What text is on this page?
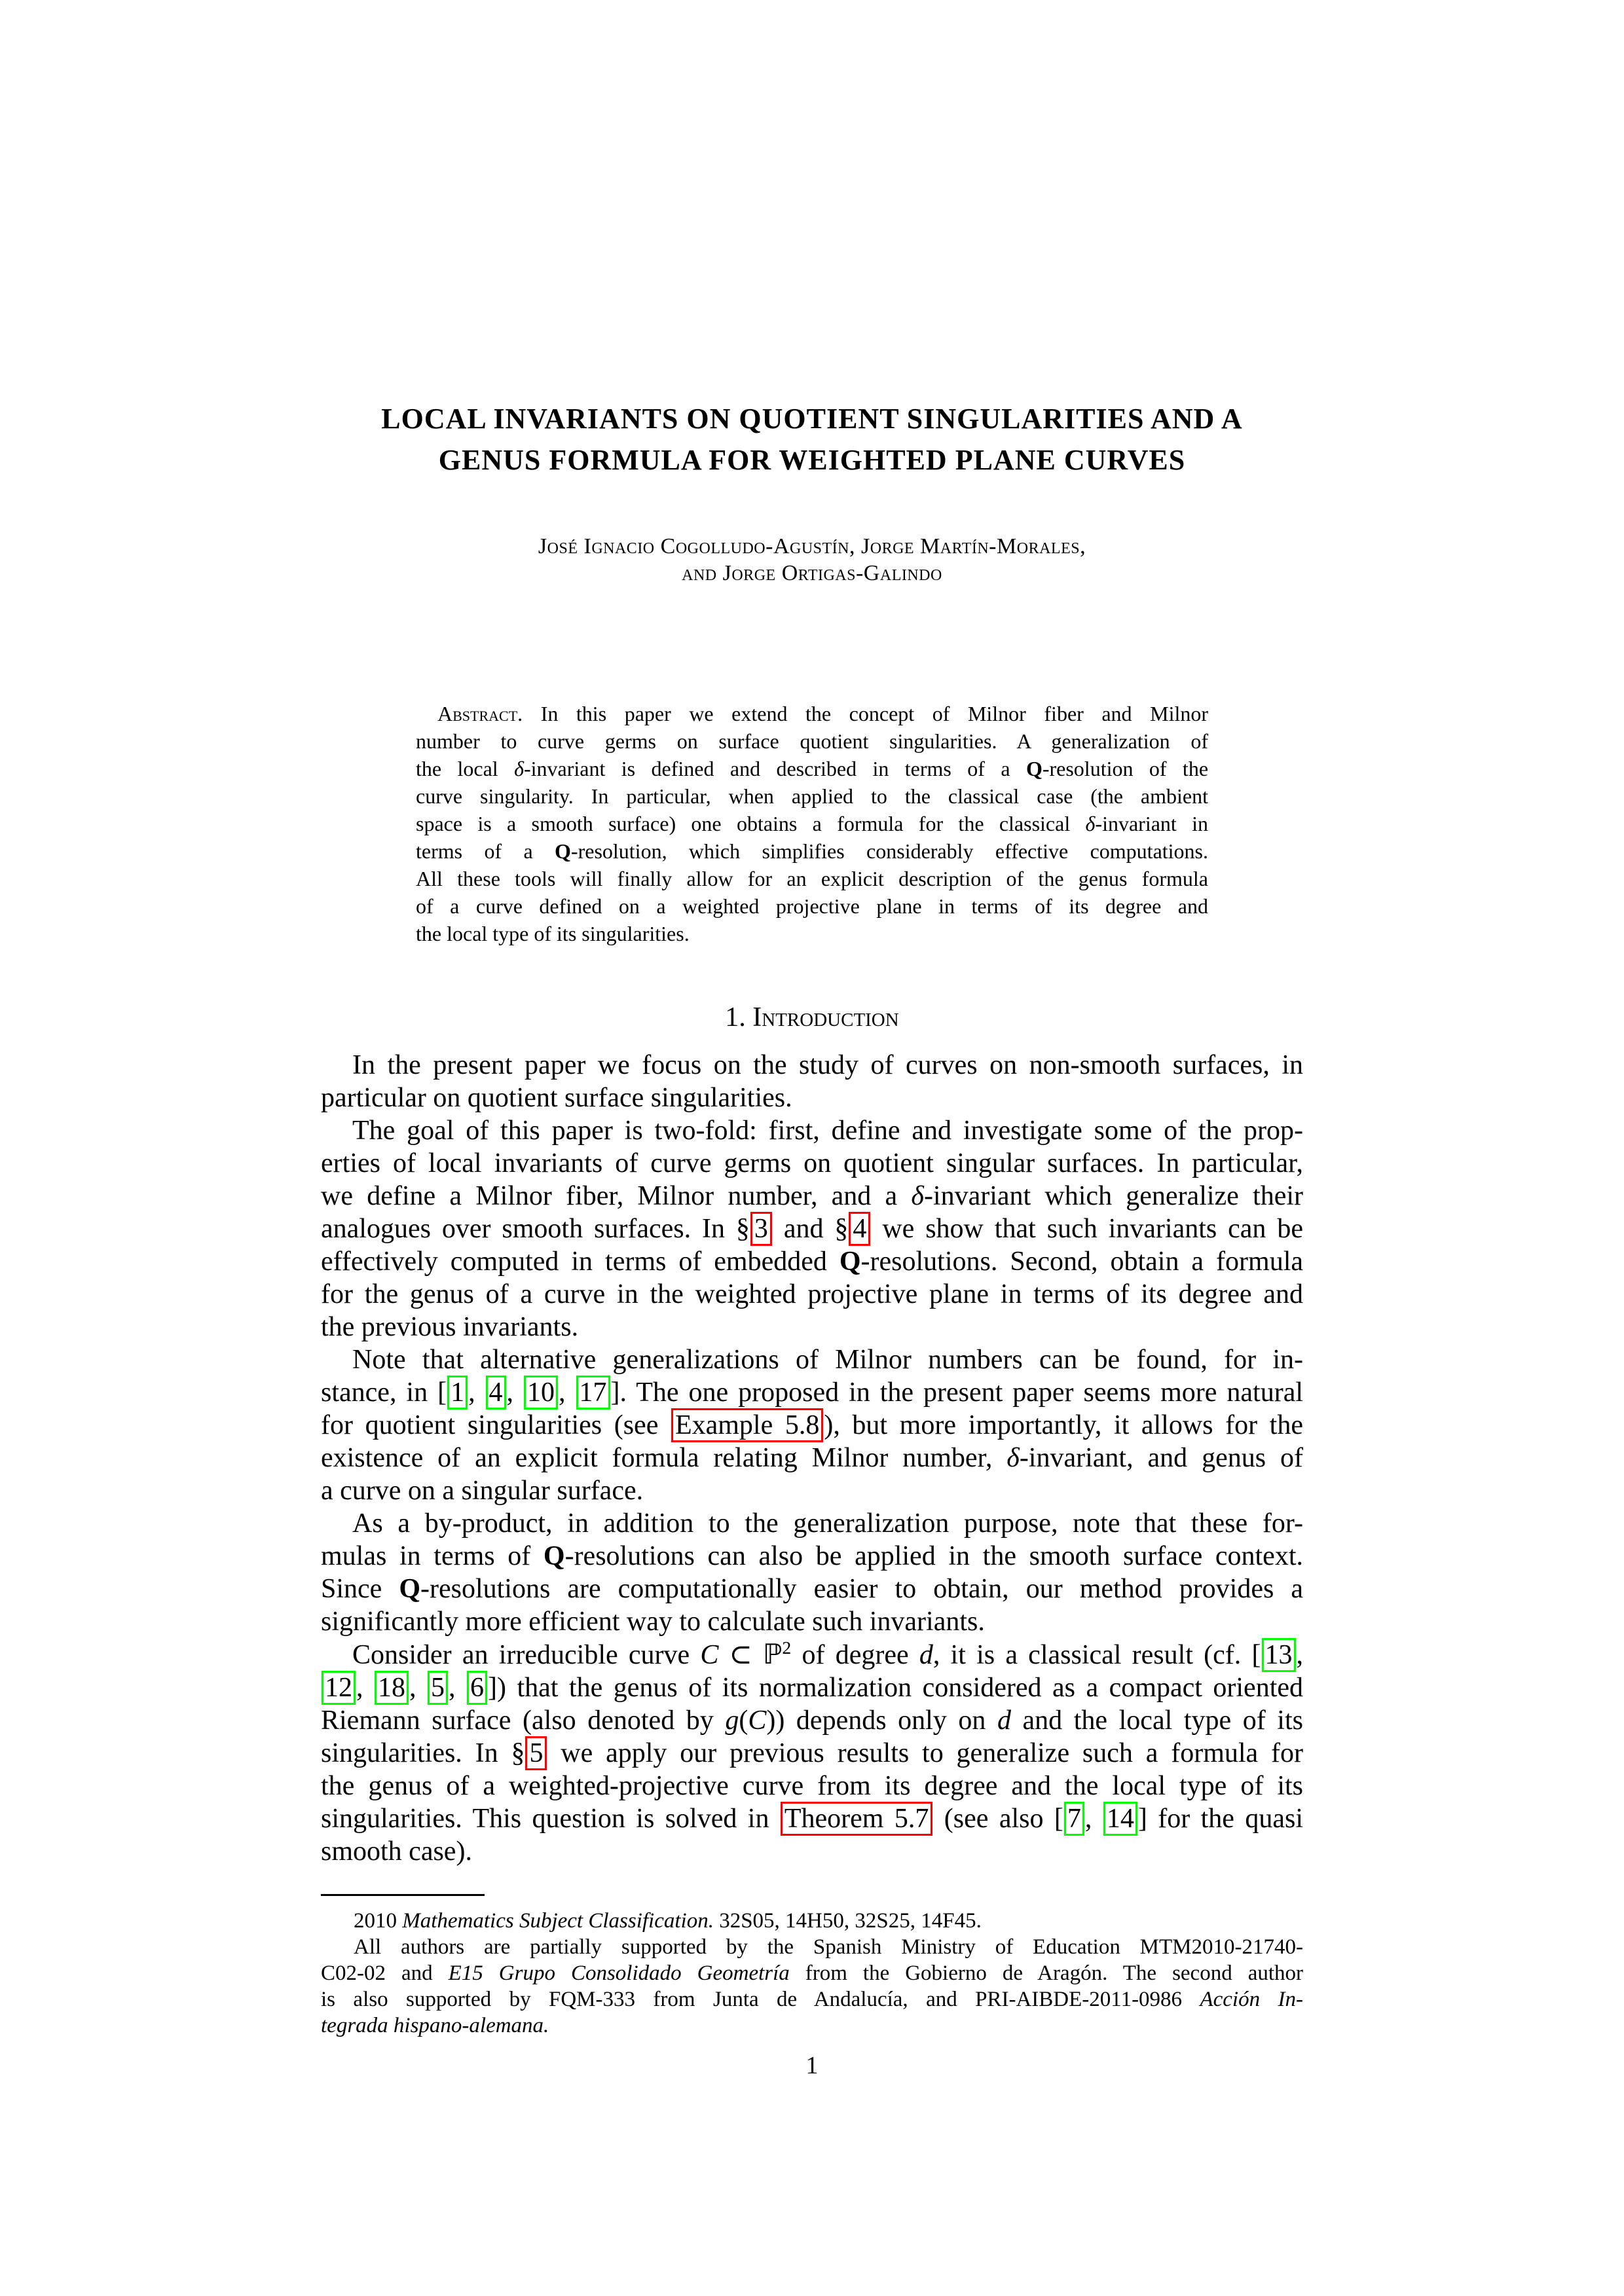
LOCAL INVARIANTS ON QUOTIENT SINGULARITIES AND A
GENUS FORMULA FOR WEIGHTED PLANE CURVES
José Ignacio Cogolludo-Agustín, Jorge Martín-Morales,
and Jorge Ortigas-Galindo
Abstract. In this paper we extend the concept of Milnor fiber and Milnor
number to curve germs on surface quotient singularities. A generalization of
the local δ-invariant is defined and described in terms of a Q-resolution of the
curve singularity. In particular, when applied to the classical case (the ambient
space is a smooth surface) one obtains a formula for the classical δ-invariant in
terms of a Q-resolution, which simplifies considerably effective computations.
All these tools will finally allow for an explicit description of the genus formula
of a curve defined on a weighted projective plane in terms of its degree and
the local type of its singularities.
1. Introduction
In the present paper we focus on the study of curves on non-smooth surfaces, in
particular on quotient surface singularities.
The goal of this paper is two-fold: first, define and investigate some of the prop-
erties of local invariants of curve germs on quotient singular surfaces. In particular,
we define a Milnor fiber, Milnor number, and a δ-invariant which generalize their
analogues over smooth surfaces. In § 3 and § 4 we show that such invariants can be
effectively computed in terms of embedded Q-resolutions. Second, obtain a formula
for the genus of a curve in the weighted projective plane in terms of its degree and
the previous invariants.
Note that alternative generalizations of Milnor numbers can be found, for in-
stance, in [ 1 , 4 , 10 , 17 ]. The one proposed in the present paper seems more natural
for quotient singularities (see Example 5.8 ), but more importantly, it allows for the
existence of an explicit formula relating Milnor number, δ-invariant, and genus of
a curve on a singular surface.
As a by-product, in addition to the generalization purpose, note that these for-
mulas in terms of Q-resolutions can also be applied in the smooth surface context.
Since Q-resolutions are computationally easier to obtain, our method provides a
significantly more efficient way to calculate such invariants.
Consider an irreducible curve C ⊂ ℙ$^2$ of degree d, it is a classical result (cf. [ 13 ,
12 , 18 , 5 , 6 ]) that the genus of its normalization considered as a compact oriented
Riemann surface (also denoted by g(C)) depends only on d and the local type of its
singularities. In § 5 we apply our previous results to generalize such a formula for
the genus of a weighted-projective curve from its degree and the local type of its
singularities. This question is solved in Theorem 5.7 (see also [ 7 , 14 ] for the quasi
smooth case).
2010 Mathematics Subject Classification. 32S05, 14H50, 32S25, 14F45.
All authors are partially supported by the Spanish Ministry of Education MTM2010-21740-
C02-02 and E15 Grupo Consolidado Geometría from the Gobierno de Aragón. The second author
is also supported by FQM-333 from Junta de Andalucía, and PRI-AIBDE-2011-0986 Acción In-
tegrada hispano-alemana.
1
